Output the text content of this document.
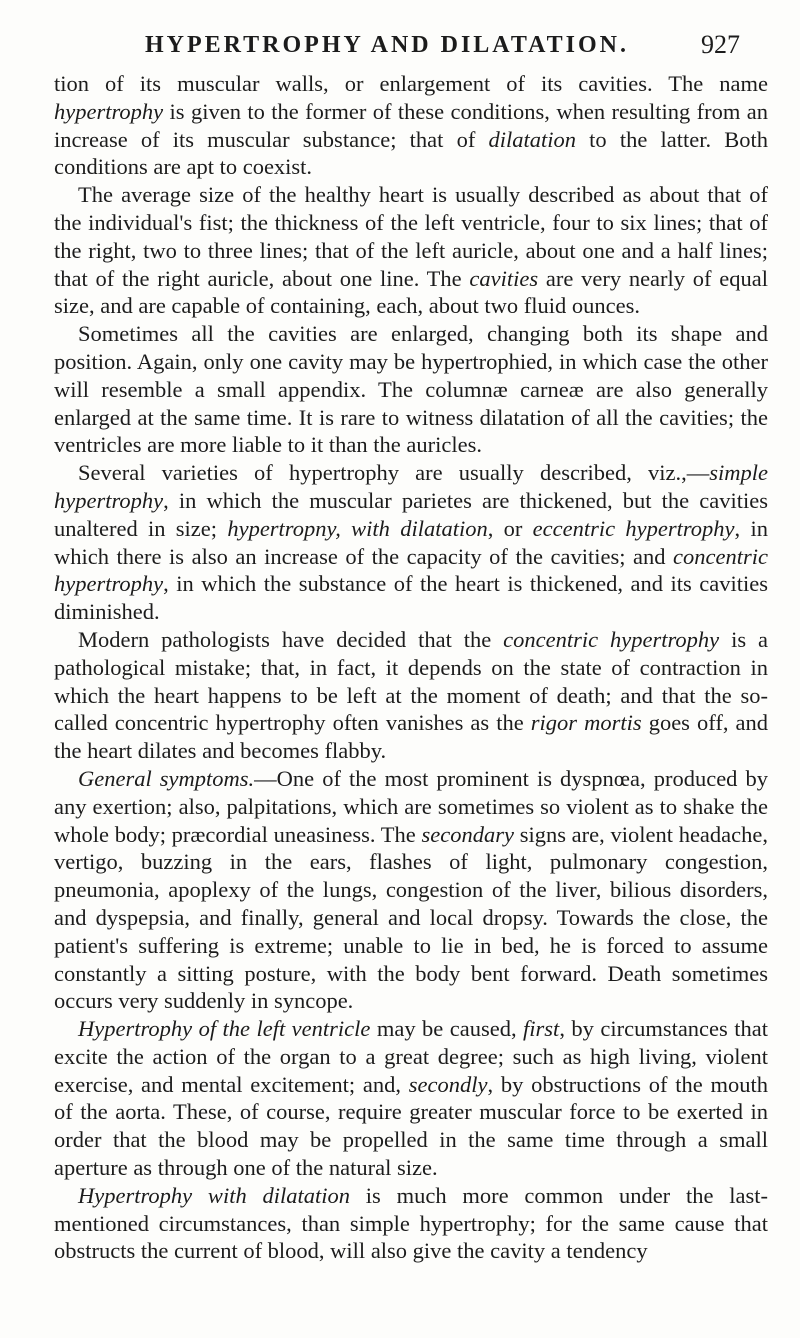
HYPERTROPHY AND DILATATION.	927

tion of its muscular walls, or enlargement of its cavities. The name hypertrophy is given to the former of these conditions, when resulting from an increase of its muscular substance; that of dilatation to the latter. Both conditions are apt to coexist.

The average size of the healthy heart is usually described as about that of the individual's fist; the thickness of the left ventricle, four to six lines; that of the right, two to three lines; that of the left auricle, about one and a half lines; that of the right auricle, about one line. The cavities are very nearly of equal size, and are capable of containing, each, about two fluid ounces.

Sometimes all the cavities are enlarged, changing both its shape and position. Again, only one cavity may be hypertrophied, in which case the other will resemble a small appendix. The columnæ carneæ are also generally enlarged at the same time. It is rare to witness dilatation of all the cavities; the ventricles are more liable to it than the auricles.

Several varieties of hypertrophy are usually described, viz.,—simple hypertrophy, in which the muscular parietes are thickened, but the cavities unaltered in size; hypertropny, with dilatation, or eccentric hypertrophy, in which there is also an increase of the capacity of the cavities; and concentric hypertrophy, in which the substance of the heart is thickened, and its cavities diminished.

Modern pathologists have decided that the concentric hypertrophy is a pathological mistake; that, in fact, it depends on the state of contraction in which the heart happens to be left at the moment of death; and that the so-called concentric hypertrophy often vanishes as the rigor mortis goes off, and the heart dilates and becomes flabby.

General symptoms.—One of the most prominent is dyspnœa, produced by any exertion; also, palpitations, which are sometimes so violent as to shake the whole body; præcordial uneasiness. The secondary signs are, violent headache, vertigo, buzzing in the ears, flashes of light, pulmonary congestion, pneumonia, apoplexy of the lungs, congestion of the liver, bilious disorders, and dyspepsia, and finally, general and local dropsy. Towards the close, the patient's suffering is extreme; unable to lie in bed, he is forced to assume constantly a sitting posture, with the body bent forward. Death sometimes occurs very suddenly in syncope.

Hypertrophy of the left ventricle may be caused, first, by circumstances that excite the action of the organ to a great degree; such as high living, violent exercise, and mental excitement; and, secondly, by obstructions of the mouth of the aorta. These, of course, require greater muscular force to be exerted in order that the blood may be propelled in the same time through a small aperture as through one of the natural size.

Hypertrophy with dilatation is much more common under the last-mentioned circumstances, than simple hypertrophy; for the same cause that obstructs the current of blood, will also give the cavity a tendency
